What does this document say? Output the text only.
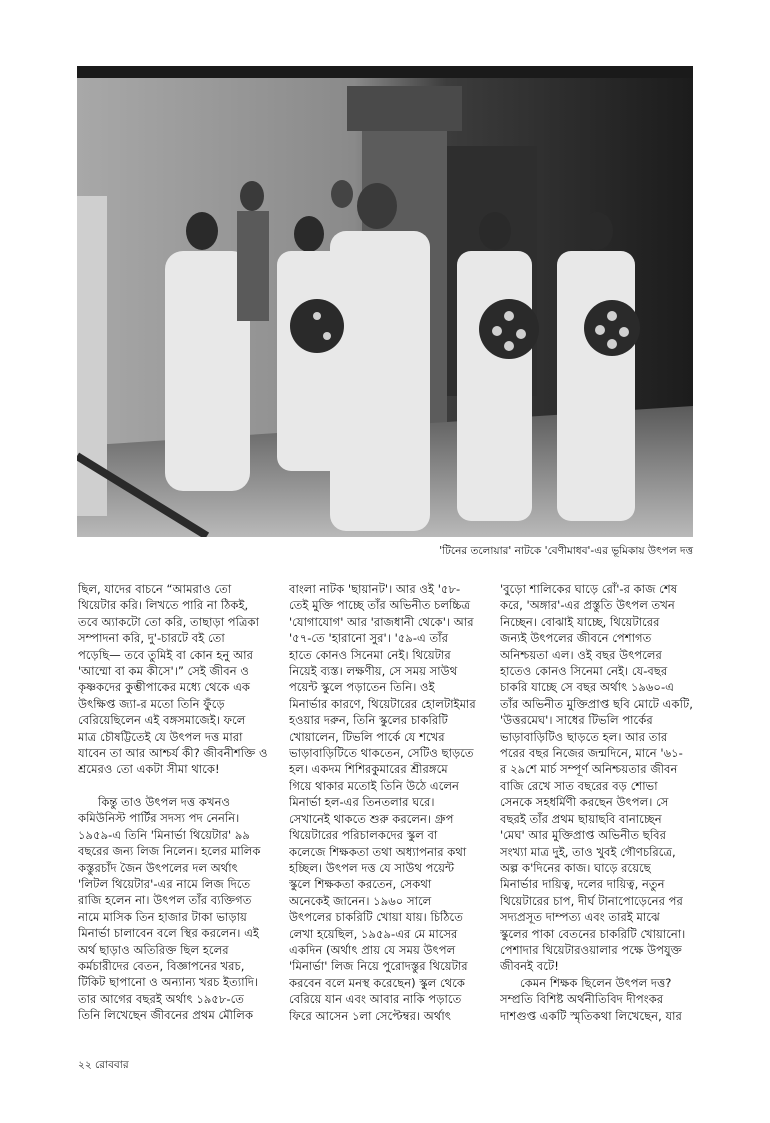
'টিনের তলোয়ার' নাটকে 'বেণীমাধব'-এর ভূমিকায় উৎপল দত্ত
ছিল, যাদের বাচনে “আমরাও তো
থিয়েটার করি। লিখতে পারি না ঠিকই,
তবে অ্যাকটো তো করি, তাছাড়া পত্রিকা
সম্পাদনা করি, দু'-চারটে বই তো
পড়েছি— তবে তুমিই বা কোন হনু আর
'আম্মো বা কম কীসে'।” সেই জীবন ও
কৃষ্ণকদের কুম্ভীপাকের মধ্যে থেকে এক
উৎক্ষিপ্ত জ্যা-র মতো তিনি ফুঁড়ে
বেরিয়েছিলেন এই বঙ্গসমাজেই। ফলে
মাত্র চৌষট্টিতেই যে উৎপল দত্ত মারা
যাবেন তা আর আশ্চর্য কী? জীবনীশক্তি ও
শ্রমেরও তো একটা সীমা থাকে!
কিন্তু তাও উৎপল দত্ত কখনও
কমিউনিস্ট পার্টির সদস্য পদ নেননি।
১৯৫৯-এ তিনি 'মিনার্ভা থিয়েটার' ৯৯
বছরের জন্য লিজ নিলেন। হলের মালিক
কস্তুরচাঁদ জৈন উৎপলের দল অর্থাৎ
'লিটল থিয়েটার'-এর নামে লিজ দিতে
রাজি হলেন না। উৎপল তাঁর ব্যক্তিগত
নামে মাসিক তিন হাজার টাকা ভাড়ায়
মিনার্ভা চালাবেন বলে স্থির করলেন। এই
অর্থ ছাড়াও অতিরিক্ত ছিল হলের
কর্মচারীদের বেতন, বিজ্ঞাপনের খরচ,
টিকিট ছাপানো ও অন্যান্য খরচ ইত্যাদি।
তার আগের বছরই অর্থাৎ ১৯৫৮-তে
তিনি লিখেছেন জীবনের প্রথম মৌলিক
বাংলা নাটক 'ছায়ানট'। আর ওই '৫৮-
তেই মুক্তি পাচ্ছে তাঁর অভিনীত চলচ্চিত্র
'যোগাযোগ' আর 'রাজধানী থেকে'। আর
'৫৭-তে 'হারানো সুর'। '৫৯-এ তাঁর
হাতে কোনও সিনেমা নেই। থিয়েটার
নিয়েই ব্যস্ত। লক্ষণীয়, সে সময় সাউথ
পয়েন্ট স্কুলে পড়াতেন তিনি। ওই
মিনার্ভার কারণে, থিয়েটারের হোলটাইমার
হওয়ার দরুন, তিনি স্কুলের চাকরিটি
খোয়ালেন, টিভলি পার্কে যে শখের
ভাড়াবাড়িটিতে থাকতেন, সেটিও ছাড়তে
হল। একদম শিশিরকুমারের শ্রীরঙ্গমে
গিয়ে থাকার মতোই তিনি উঠে এলেন
মিনার্ভা হল-এর তিনতলার ঘরে।
সেখানেই থাকতে শুরু করলেন। গ্রুপ
থিয়েটারের পরিচালকদের স্কুল বা
কলেজে শিক্ষকতা তথা অধ্যাপনার কথা
হচ্ছিল। উৎপল দত্ত যে সাউথ পয়েন্ট
স্কুলে শিক্ষকতা করতেন, সেকথা
অনেকেই জানেন। ১৯৬০ সালে
উৎপলের চাকরিটি খোয়া যায়। চিঠিতে
লেখা হয়েছিল, ১৯৫৯-এর মে মাসের
একদিন (অর্থাৎ প্রায় যে সময় উৎপল
'মিনার্ভা' লিজ নিয়ে পুরোদস্তুর থিয়েটার
করবেন বলে মনস্থ করেছেন) স্কুল থেকে
বেরিয়ে যান এবং আবার নাকি পড়াতে
ফিরে আসেন ১লা সেপ্টেম্বর। অর্থাৎ
'বুড়ো শালিকের ঘাড়ে রোঁ'-র কাজ শেষ
করে, 'অঙ্গার'-এর প্রস্তুতি উৎপল তখন
নিচ্ছেন। বোঝাই যাচ্ছে, থিয়েটারের
জন্যই উৎপলের জীবনে পেশাগত
অনিশ্চয়তা এল। ওই বছর উৎপলের
হাতেও কোনও সিনেমা নেই। যে-বছর
চাকরি যাচ্ছে সে বছর অর্থাৎ ১৯৬০-এ
তাঁর অভিনীত মুক্তিপ্রাপ্ত ছবি মোটে একটি,
'উত্তরমেঘ'। সাধের টিভলি পার্কের
ভাড়াবাড়িটিও ছাড়তে হল। আর তার
পরের বছর নিজের জন্মদিনে, মানে '৬১-
র ২৯শে মার্চ সম্পূর্ণ অনিশ্চয়তার জীবন
বাজি রেখে সাত বছরের বড় শোভা
সেনকে সহধর্মিণী করছেন উৎপল। সে
বছরই তাঁর প্রথম ছায়াছবি বানাচ্ছেন
'মেঘ' আর মুক্তিপ্রাপ্ত অভিনীত ছবির
সংখ্যা মাত্র দুই, তাও খুবই গৌণচরিত্রে,
অল্প ক'দিনের কাজ। ঘাড়ে রয়েছে
মিনার্ভার দায়িত্ব, দলের দায়িত্ব, নতুন
থিয়েটারের চাপ, দীর্ঘ টানাপোড়েনের পর
সদ্যপ্রসূত দাম্পত্য এবং তারই মাঝে
স্কুলের পাকা বেতনের চাকরিটি খোয়ানো।
পেশাদার থিয়েটারওয়ালার পক্ষে উপযুক্ত
জীবনই বটে!
কেমন শিক্ষক ছিলেন উৎপল দত্ত?
সম্প্রতি বিশিষ্ট অর্থনীতিবিদ দীপংকর
দাশগুপ্ত একটি স্মৃতিকথা লিখেছেন, যার
২২ রোববার
